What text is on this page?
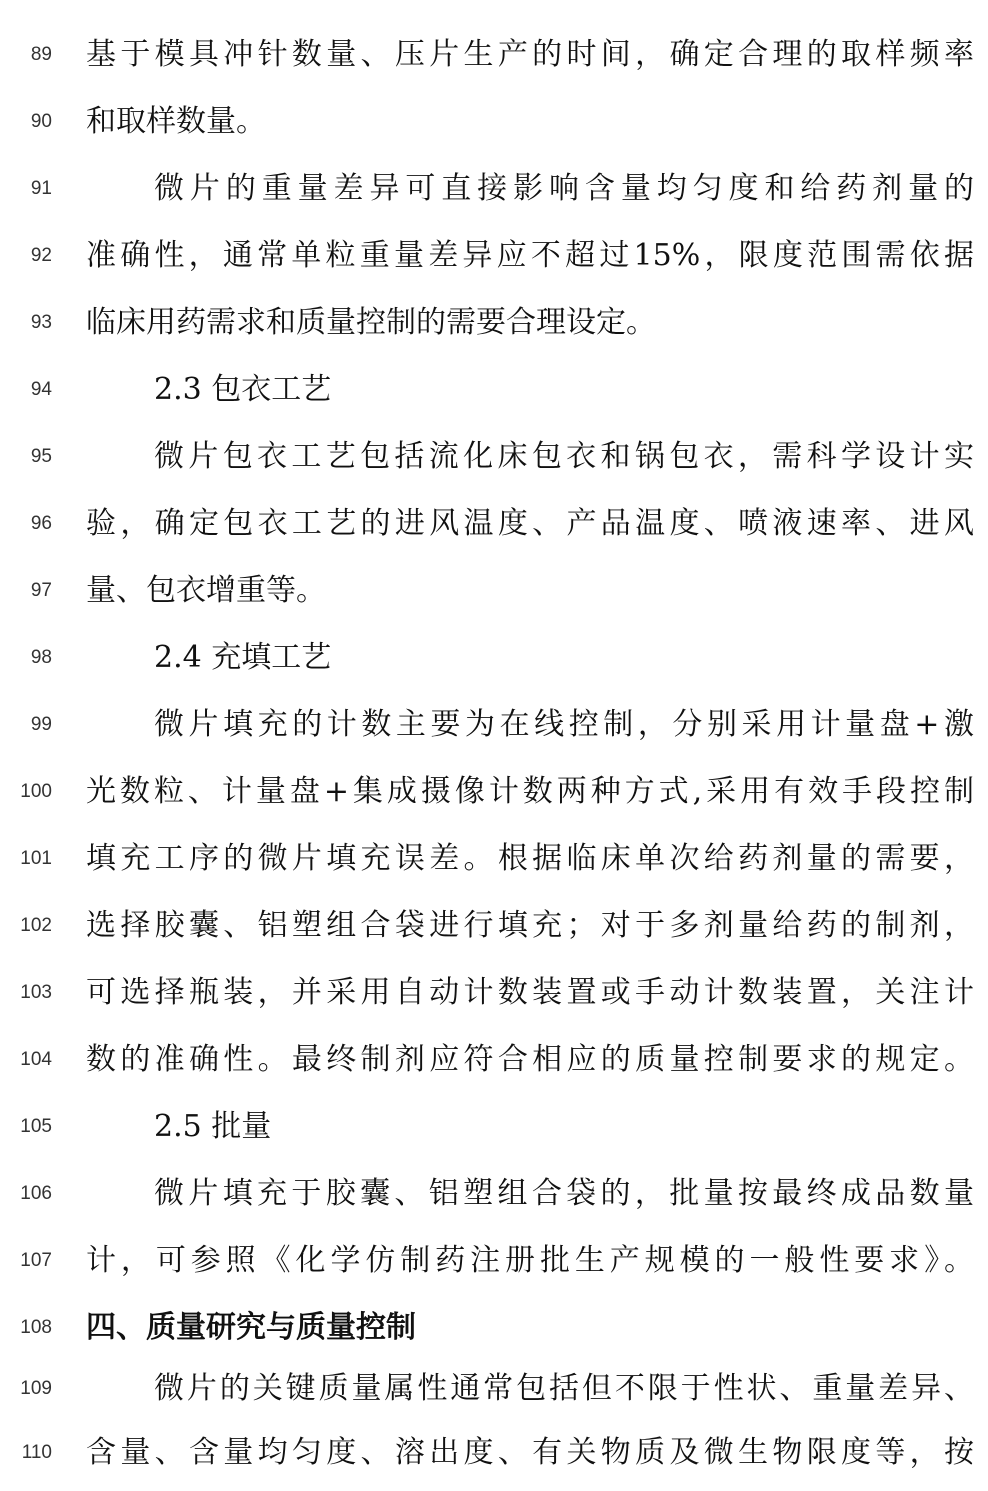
89 基于模具冲针数量、压片生产的时间，确定合理的取样频率
90 和取样数量。
91	微片的重量差异可直接影响含量均匀度和给药剂量的
92 准确性，通常单粒重量差异应不超过15%，限度范围需依据
93 临床用药需求和质量控制的需要合理设定。
94	2.3 包衣工艺
95	微片包衣工艺包括流化床包衣和锅包衣，需科学设计实
96 验，确定包衣工艺的进风温度、产品温度、喷液速率、进风
97 量、包衣增重等。
98	2.4 充填工艺
99	微片填充的计数主要为在线控制，分别采用计量盘+激
100 光数粒、计量盘+集成摄像计数两种方式,采用有效手段控制
101 填充工序的微片填充误差。根据临床单次给药剂量的需要，
102 选择胶囊、铝塑组合袋进行填充；对于多剂量给药的制剂，
103 可选择瓶装，并采用自动计数装置或手动计数装置，关注计
104 数的准确性。最终制剂应符合相应的质量控制要求的规定。
105	2.5 批量
106	微片填充于胶囊、铝塑组合袋的，批量按最终成品数量
107 计，可参照《化学仿制药注册批生产规模的一般性要求》。
108 四、质量研究与质量控制
109	微片的关键质量属性通常包括但不限于性状、重量差异、
110 含量、含量均匀度、溶出度、有关物质及微生物限度等，按
